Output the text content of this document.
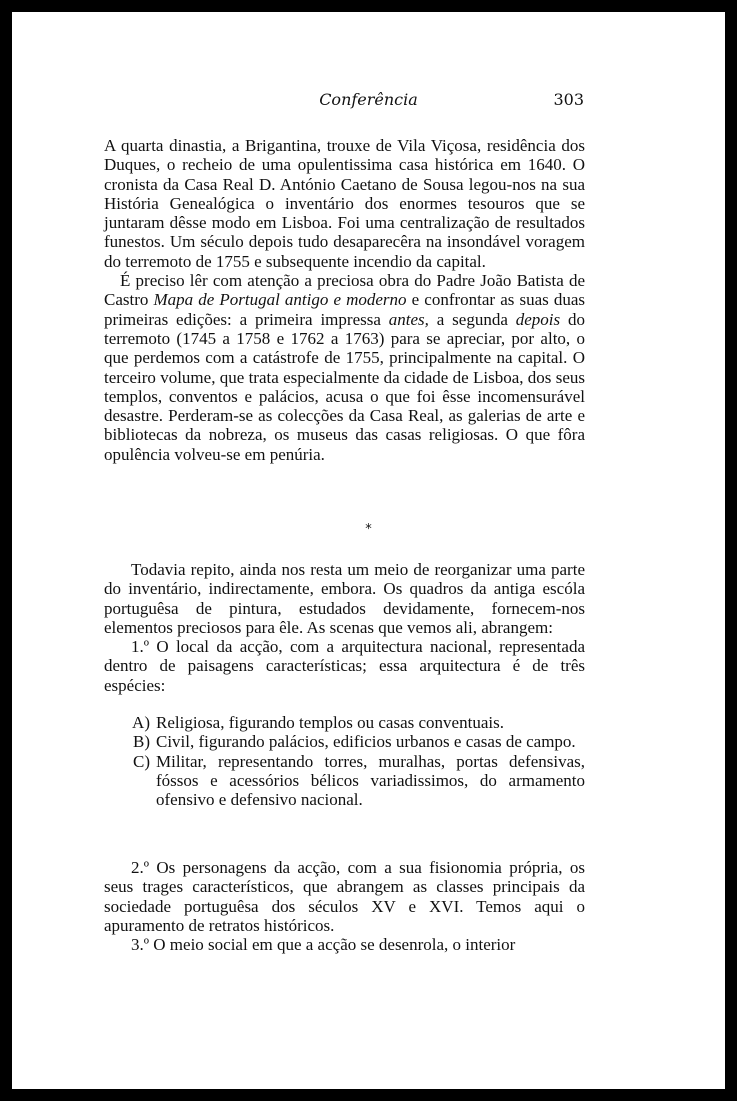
Conferência	303

A quarta dinastia, a Brigantina, trouxe de Vila Viçosa, residência dos Duques, o recheio de uma opulentissima casa histórica em 1640. O cronista da Casa Real D. António Caetano de Sousa legou-nos na sua História Genealógica o inventário dos enormes tesouros que se juntaram dêsse modo em Lisboa. Foi uma centralização de resultados funestos. Um século depois tudo desaparecêra na insondável voragem do terremoto de 1755 e subsequente incendio da capital.

É preciso lêr com atenção a preciosa obra do Padre João Batista de Castro Mapa de Portugal antigo e moderno e confrontar as suas duas primeiras edições: a primeira impressa antes, a segunda depois do terremoto (1745 a 1758 e 1762 a 1763) para se apreciar, por alto, o que perdemos com a catástrofe de 1755, principalmente na capital. O terceiro volume, que trata especialmente da cidade de Lisboa, dos seus templos, conventos e palácios, acusa o que foi êsse incomensurável desastre. Perderam-se as colecções da Casa Real, as galerias de arte e bibliotecas da nobreza, os museus das casas religiosas. O que fôra opulência volveu-se em penúria.

*

Todavia repito, ainda nos resta um meio de reorganizar uma parte do inventário, indirectamente, embora. Os quadros da antiga escóla portuguêsa de pintura, estudados devidamente, fornecem-nos elementos preciosos para êle. As scenas que vemos ali, abrangem:

1.º O local da acção, com a arquitectura nacional, representada dentro de paisagens características; essa arquitectura é de três espécies:

A) Religiosa, figurando templos ou casas conventuais.
B) Civil, figurando palácios, edificios urbanos e casas de campo.
C) Militar, representando torres, muralhas, portas defensivas, fóssos e acessórios bélicos variadissimos, do armamento ofensivo e defensivo nacional.

2.º Os personagens da acção, com a sua fisionomia própria, os seus trages característicos, que abrangem as classes principais da sociedade portuguêsa dos séculos XV e XVI. Temos aqui o apuramento de retratos históricos.

3.º O meio social em que a acção se desenrola, o interior
